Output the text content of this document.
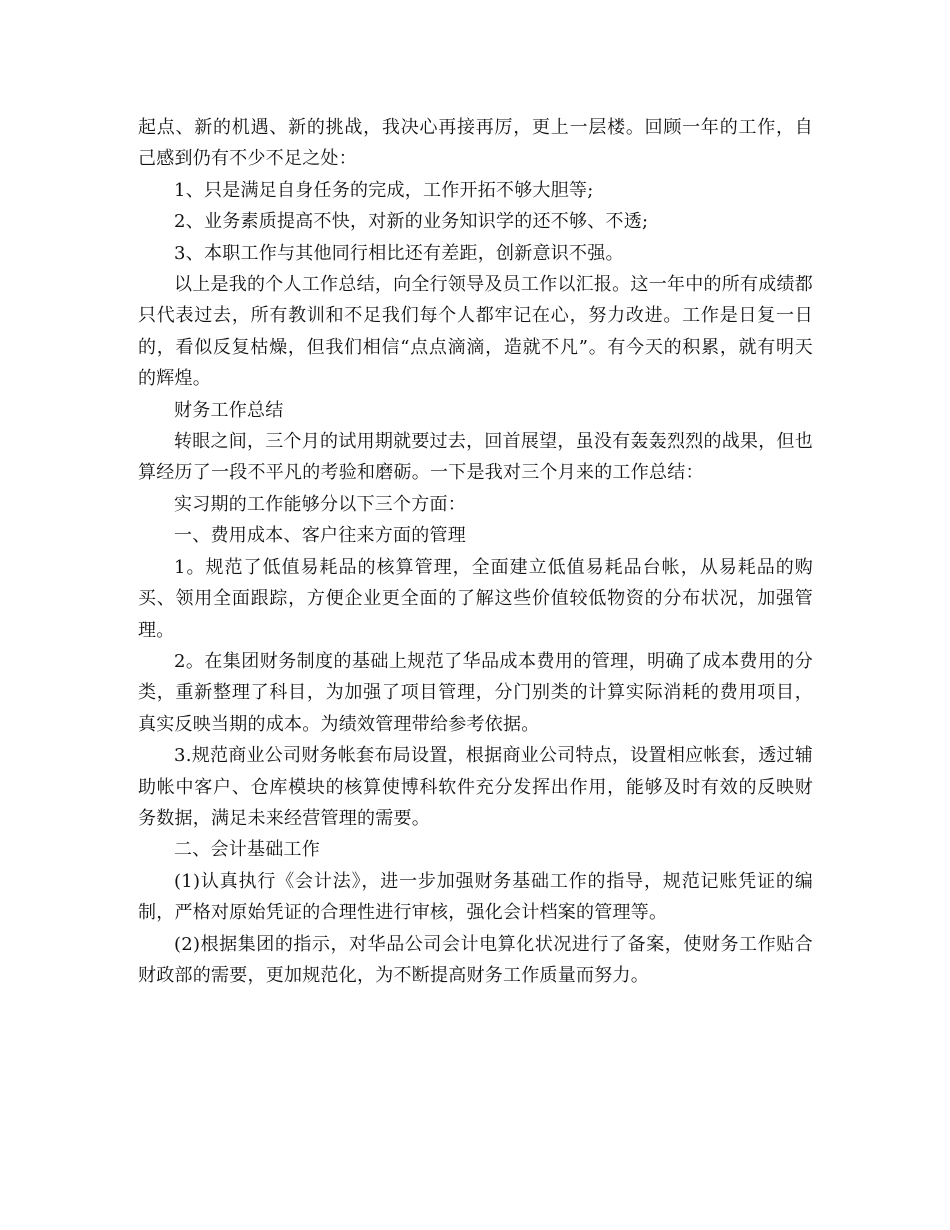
起点、新的机遇、新的挑战，我决心再接再厉，更上一层楼。回顾一年的工作，自己感到仍有不少不足之处：

1、只是满足自身任务的完成，工作开拓不够大胆等;

2、业务素质提高不快，对新的业务知识学的还不够、不透;

3、本职工作与其他同行相比还有差距，创新意识不强。

以上是我的个人工作总结，向全行领导及员工作以汇报。这一年中的所有成绩都只代表过去，所有教训和不足我们每个人都牢记在心，努力改进。工作是日复一日的，看似反复枯燥，但我们相信“点点滴滴，造就不凡”。有今天的积累，就有明天的辉煌。

财务工作总结

转眼之间，三个月的试用期就要过去，回首展望，虽没有轰轰烈烈的战果，但也算经历了一段不平凡的考验和磨砺。一下是我对三个月来的工作总结：

实习期的工作能够分以下三个方面：

一、费用成本、客户往来方面的管理

1。规范了低值易耗品的核算管理，全面建立低值易耗品台帐，从易耗品的购买、领用全面跟踪，方便企业更全面的了解这些价值较低物资的分布状况，加强管理。

2。在集团财务制度的基础上规范了华品成本费用的管理，明确了成本费用的分类，重新整理了科目，为加强了项目管理，分门别类的计算实际消耗的费用项目，真实反映当期的成本。为绩效管理带给参考依据。

3.规范商业公司财务帐套布局设置，根据商业公司特点，设置相应帐套，透过辅助帐中客户、仓库模块的核算使博科软件充分发挥出作用，能够及时有效的反映财务数据，满足未来经营管理的需要。

二、会计基础工作

(1)认真执行《会计法》，进一步加强财务基础工作的指导，规范记账凭证的编制，严格对原始凭证的合理性进行审核，强化会计档案的管理等。

(2)根据集团的指示，对华品公司会计电算化状况进行了备案，使财务工作贴合财政部的需要，更加规范化，为不断提高财务工作质量而努力。
